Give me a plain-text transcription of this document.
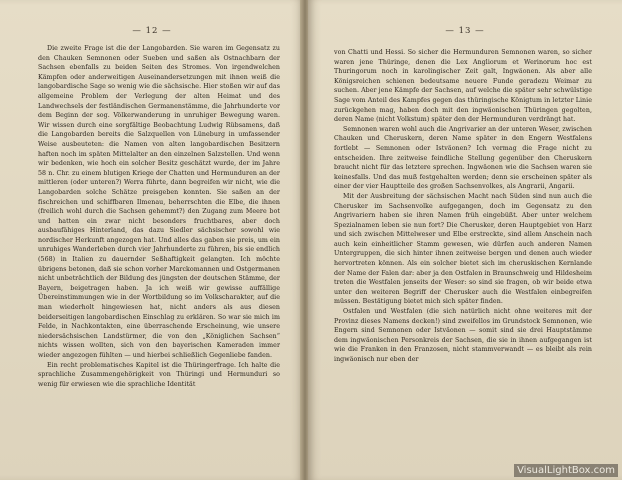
— 12 —

Die zweite Frage ist die der Langobarden. Sie waren im Gegensatz zu den Chauken Semnonen oder Sueben und saßen als Ostnachbarn der Sachsen ebenfalls zu beiden Seiten des Stromes. Von irgendwelchen Kämpfen oder anderweitigen Auseinandersetzungen mit ihnen weiß die langobardische Sage so wenig wie die sächsische. Hier stoßen wir auf das allgemeine Problem der Verlegung der alten Heimat und des Landwechsels der festländischen Germanenstämme, die Jahrhunderte vor dem Beginn der sog. Völkerwanderung in unruhiger Bewegung waren. Wir wissen durch eine sorgfältige Beobachtung Ludwig Rübsamens, daß die Langobarden bereits die Salzquellen von Lüneburg in umfassender Weise ausbeuteten: die Namen von alten langobardischen Besitzern haften noch im späten Mittelalter an den einzelnen Salzstellen. Und wenn wir bedenken, wie hoch ein solcher Besitz geschätzt wurde, der im Jahre 58 n. Chr. zu einem blutigen Kriege der Chatten und Hermunduren an der mittleren (oder unteren?) Werra führte, dann begreifen wir nicht, wie die Langobarden solche Schätze preisgeben konnten. Sie saßen an der fischreichen und schiffbaren Ilmenau, beherrschten die Elbe, die ihnen (freilich wohl durch die Sachsen gehemmt?) den Zugang zum Meere bot und hatten ein zwar nicht besonders fruchtbares, aber doch ausbaufähiges Hinterland, das dazu Siedler sächsischer sowohl wie nordischer Herkunft angezogen hat. Und alles das gaben sie preis, um ein unruhiges Wanderleben durch vier Jahrhunderte zu führen, bis sie endlich (568) in Italien zu dauernder Seßhaftigkeit gelangten. Ich möchte übrigens betonen, daß sie schon vorher Marckomannen und Ostgermanen nicht unbeträchtlich der Bildung des jüngsten der deutschen Stämme, der Bayern, beigetragen haben. Ja ich weiß wir gewisse auffällige Übereinstimmungen wie in der Wortbildung so im Volkscharakter, auf die man wiederholt hingewiesen hat, nicht anders als aus diesen beiderseitigen langobardischen Einschlag zu erklären. So war sie mich im Felde, in Nachkontakten, eine überraschende Erscheinung, wie unsere niedersächsischen Landstürmer, die von den „Königlichen Sachsen“ nichts wissen wollten, sich von den bayerischen Kameraden immer wieder angezogen fühlten — und hierbei schließlich Gegenliebe fanden.

Ein recht problematisches Kapitel ist die Thüringerfrage. Ich halte die sprachliche Zusammengehörigkeit von Thüringi und Hermunduri so wenig für erwiesen wie die sprachliche Identität

— 13 —

von Chatti und Hessi. So sicher die Hermunduren Semnonen waren, so sicher waren jene Thüringe, denen die Lex Angliorum et Werinorum hoc est Thuringorum noch in karolingischer Zeit galt, Ingwäonen. Als aber alle Königsreichen schienen bedeutsame neuere Funde geradezu Weimar zu suchen. Aber jene Kämpfe der Sachsen, auf welche die später sehr schwülstige Sage vom Anteil des Kampfes gegen das thüringische Königtum in letzter Linie zurückgehen mag, haben doch mit den ingwäonischen Thüringen gegolten, deren Name (nicht Volkstum) später den der Hermunduren verdrängt hat.

Semnonen waren wohl auch die Angrivarier an der unteren Weser, zwischen Chauken und Cheruskern, deren Name später in den Engern Westfalens fortlebt — Semnonen oder Istväonen? Ich vermag die Frage nicht zu entscheiden. Ihre zeitweise feindliche Stellung gegenüber den Cheruskern braucht nicht für das letztere sprechen. Ingwäonen wie die Sachsen waren sie keinesfalls. Und das muß festgehalten werden; denn sie erscheinen später als einer der vier Hauptteile des großen Sachsenvolkes, als Angrarii, Angarii.

Mit der Ausbreitung der sächsischen Macht nach Süden sind nun auch die Cherusker im Sachsenvolke aufgegangen, doch im Gegensatz zu den Angrivariern haben sie ihren Namen früh eingebüßt. Aber unter welchem Spezialnamen leben sie nun fort? Die Cherusker, deren Hauptgebiet von Harz und sich zwischen Mittelweser und Elbe erstreckte, sind allem Anschein nach auch kein einheitlicher Stamm gewesen, wie dürfen auch anderen Namen Untergruppen, die sich hinter ihnen zeitweise bergen und denen auch wieder hervortreten können. Als ein solcher bietet sich im cheruskischen Kernlande der Name der Falen dar: aber ja den Ostfalen in Braunschweig und Hildesheim treten die Westfalen jenseits der Weser: so sind sie fragen, ob wir beide etwa unter den weiteren Begriff der Cherusker auch die Westfalen einbegreifen müssen. Bestätigung bietet mich sich später finden.

Ostfalen und Westfalen (die sich natürlich nicht ohne weiteres mit der Provinz dieses Namens decken!) sind zweifellos im Grundstock Semnonen, wie Engern sind Semnonen oder Istväonen — somit sind sie drei Hauptstämme dem ingwäonischen Personkreis der Sachsen, die sie in ihnen aufgegangen ist wie die Franken in den Franzosen, nicht stammverwandt — es bleibt als rein ingwäonisch nur eben der

VisualLightBox.com
